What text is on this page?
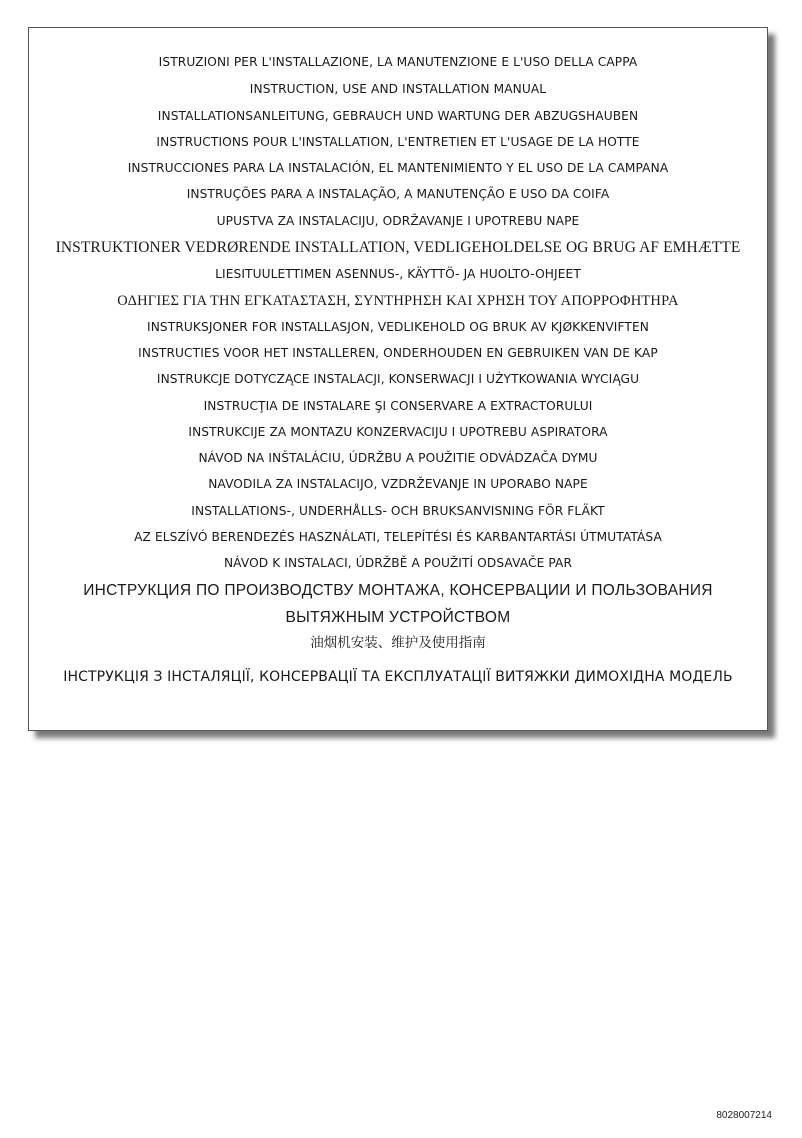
ISTRUZIONI PER L'INSTALLAZIONE, LA MANUTENZIONE E L'USO DELLA CAPPA
INSTRUCTION, USE AND INSTALLATION MANUAL
INSTALLATIONSANLEITUNG, GEBRAUCH UND WARTUNG DER ABZUGSHAUBEN
INSTRUCTIONS POUR L'INSTALLATION, L'ENTRETIEN ET L'USAGE DE LA HOTTE
INSTRUCCIONES PARA LA INSTALACIÓN, EL MANTENIMIENTO Y EL USO DE LA CAMPANA
INSTRUÇÕES PARA A INSTALAÇÃO, A MANUTENÇÃO E USO DA COIFA
UPUSTVA ZA INSTALACIJU, ODRŽAVANJE I UPOTREBU NAPE
INSTRUKTIONER VEDRØRENDE INSTALLATION, VEDLIGEHOLDELSE OG BRUG AF EMHÆTTE
LIESITUULETTIMEN ASENNUS-, KÄYTTÖ- JA HUOLTO-OHJEET
ΟΔΗΓΙΕΣ ΓΙΑ ΤΗΝ ΕΓΚΑΤΑΣΤΑΣΗ, ΣΥΝΤΗΡΗΣΗ ΚΑΙ ΧΡΗΣΗ ΤΟΥ ΑΠΟΡΡΟΦΗΤΗΡΑ
INSTRUKSJONER FOR INSTALLASJON, VEDLIKEHOLD OG BRUK AV KJØKKENVIFTEN
INSTRUCTIES VOOR HET INSTALLEREN, ONDERHOUDEN EN GEBRUIKEN VAN DE KAP
INSTRUKCJE DOTYCZĄCE INSTALACJI, KONSERWACJI I UŻYTKOWANIA WYCIĄGU
INSTRUCŢIA DE INSTALARE ŞI CONSERVARE A EXTRACTORULUI
INSTRUKCIJE ZA MONTAZU KONZERVACIJU I UPOTREBU ASPIRATORA
NÁVOD NA INŠTALÁCIU, ÚDRŽBU A POUŽITIE ODVÁDZAČA DYMU
NAVODILA ZA INSTALACIJO, VZDRŽEVANJE IN UPORABO NAPE
INSTALLATIONS-, UNDERHÅLLS- OCH BRUKSANVISNING FÖR FLÄKT
AZ ELSZÍVÓ BERENDEZÉS HASZNÁLATI, TELEPÍTÉSI ÉS KARBANTARTÁSI ÚTMUTATÁSA
NÁVOD K INSTALACI, ÚDRŽBĚ A POUŽITÍ ODSAVAČE PAR
ИНСТРУКЦИЯ ПО ПРОИЗВОДСТВУ МОНТАЖА, КОНСЕРВАЦИИ И ПОЛЬЗОВАНИЯ
ВЫТЯЖНЫМ УСТРОЙСТВОМ
油烟机安装、维护及使用指南
ІНСТРУКЦІЯ З ІНСТАЛЯЦІЇ, КОНСЕРВАЦІЇ ТА ЕКСПЛУАТАЦІЇ ВИТЯЖКИ ДИМОХІДНА МОДЕЛЬ
8028007214
